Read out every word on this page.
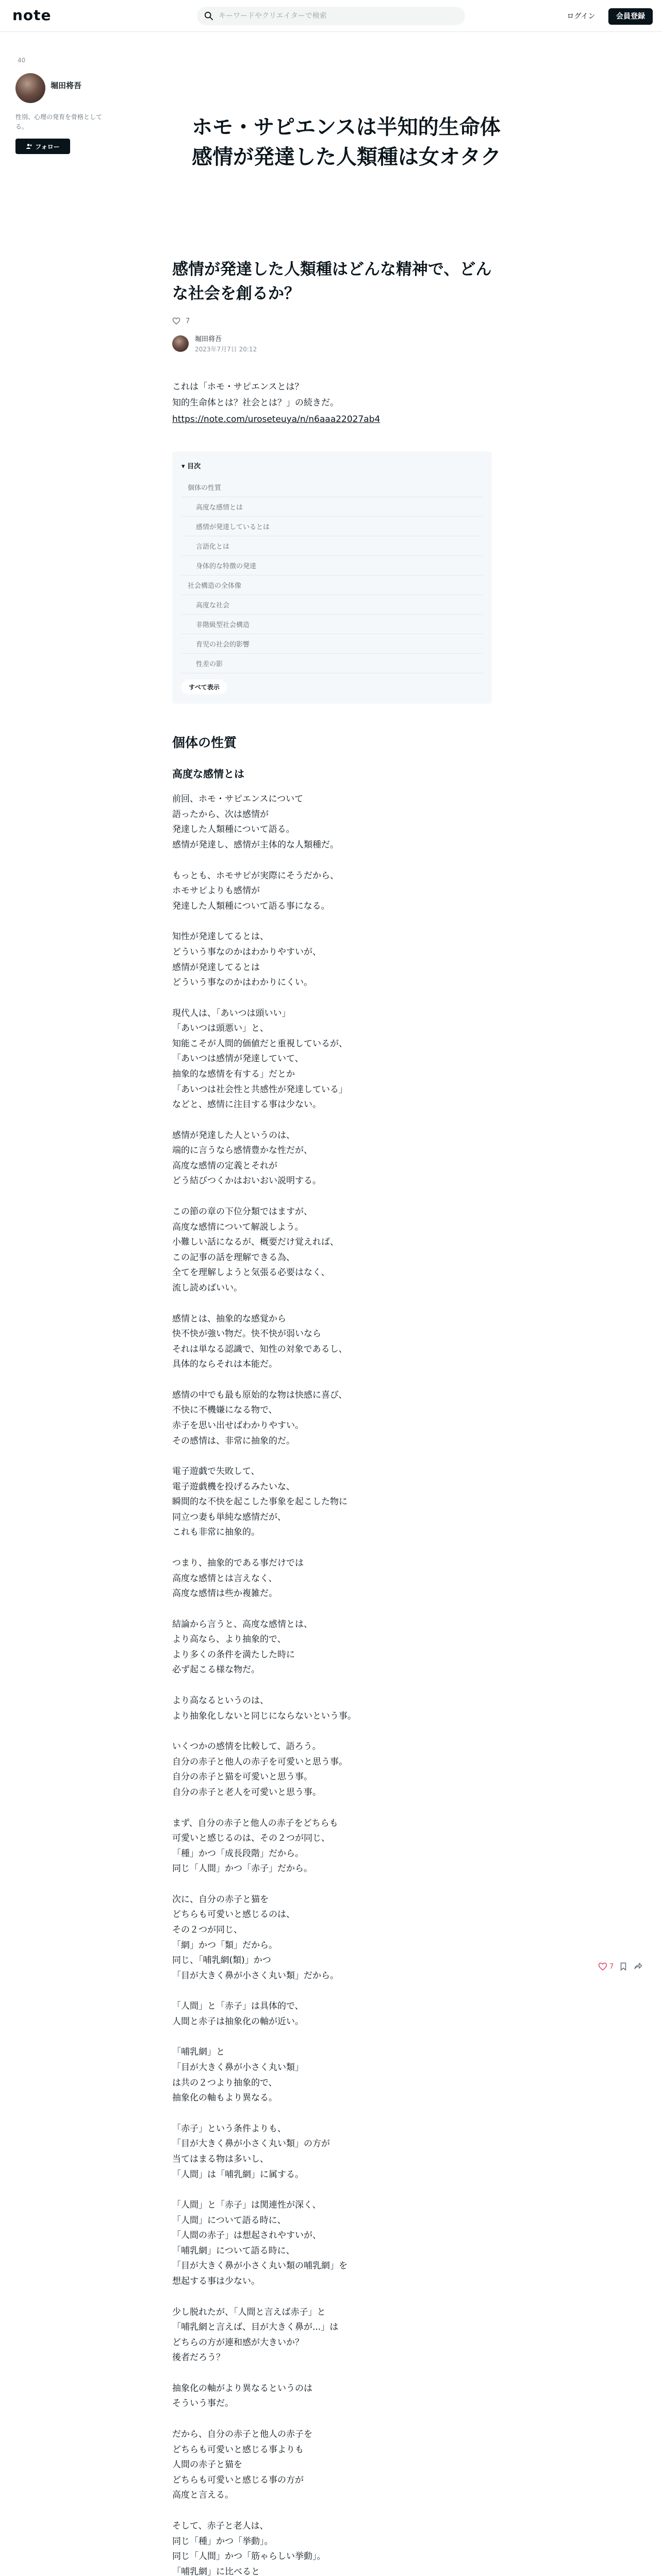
note
キーワードやクリエイターで検索	ログイン	会員登録
40
堀田将吾
性別、心理の発育を骨格として
る。
フォロー
ホモ・サピエンスは半知的生命体
感情が発達した人類種は女オタク
感情が発達した人類種はどんな精神で、どんな社会を創るか？
7
堀田将吾
2023年7月7日 20:12
これは「ホモ・サピエンスとは？
知的生命体とは？社会とは？」の続きだ。
https://note.com/uroseteuya/n/n6aaa22027ab4
▾ 目次
個体の性質
高度な感情とは
感情が発達しているとは
言語化とは
身体的な特徴の発達
社会構造の全体像
高度な社会
非階級型社会構造
育児の社会的影響
性差の影
すべて表示
個体の性質
高度な感情とは

前回、ホモ・サピエンスについて
語ったから、次は感情が
発達した人類種について語る。
感情が発達し、感情が主体的な人類種だ。

もっとも、ホモサピが実際にそうだから、
ホモサピよりも感情が
発達した人類種について語る事になる。

知性が発達してるとは、
どういう事なのかはわかりやすいが、
感情が発達してるとは
どういう事なのかはわかりにくい。

現代人は、「あいつは頭いい」
「あいつは頭悪い」と、
知能こそが人間的価値だと重視しているが、
「あいつは感情が発達していて、
抽象的な感情を有する」だとか
「あいつは社会性と共感性が発達している」
などと、感情に注目する事は少ない。

感情が発達した人というのは、
端的に言うなら感情豊かな性だが、
高度な感情の定義とそれが
どう結びつくかはおいおい説明する。

この節の章の下位分類ではますが、
高度な感情について解説しよう。
小難しい話になるが、概要だけ覚えれば、
この記事の話を理解できる為、
全てを理解しようと気張る必要はなく、
流し読めばいい。

感情とは、抽象的な感覚から
快不快が強い物だ。快不快が弱いなら
それは単なる認識で、知性の対象であるし、
具体的ならそれは本能だ。

感情の中でも最も原始的な物は快感に喜び、
不快に不機嫌になる物で、
赤子を思い出せばわかりやすい。
その感情は、非常に抽象的だ。

電子遊戯で失敗して、
電子遊戯機を投げるみたいな、
瞬間的な不快を起こした事象を起こした物に
同立つ妻も単純な感情だが、
これも非常に抽象的。

つまり、抽象的である事だけでは
高度な感情とは言えなく、
高度な感情は些か複雑だ。

結論から言うと、高度な感情とは、
より高なら、より抽象的で、
より多くの条件を満たした時に
必ず起こる様な物だ。

より高なるというのは、
より抽象化しないと同じにならないという事。

いくつかの感情を比較して、語ろう。
自分の赤子と他人の赤子を可愛いと思う事。
自分の赤子と猫を可愛いと思う事。
自分の赤子と老人を可愛いと思う事。

まず、自分の赤子と他人の赤子をどちらも
可愛いと感じるのは、その２つが同じ、
「種」かつ「成長段階」だから。
同じ「人間」かつ「赤子」だから。

次に、自分の赤子と猫を
どちらも可愛いと感じるのは、
その２つが同じ、
「網」かつ「類」だから。
同じ、「哺乳網(類)」かつ
「目が大きく鼻が小さく丸い類」だから。

「人間」と「赤子」は具体的で、
人間と赤子は抽象化の軸が近い。

「哺乳網」と
「目が大きく鼻が小さく丸い類」
は共の２つより抽象的で、
抽象化の軸もより異なる。

「赤子」という条件よりも、
「目が大きく鼻が小さく丸い類」の方が
当てはまる物は多いし、
「人間」は「哺乳網」に属する。

「人間」と「赤子」は関連性が深く、
「人間」について語る時に、
「人間の赤子」は想起されやすいが、
「哺乳網」について語る時に、
「目が大きく鼻が小さく丸い類の哺乳網」を
想起する事は少ない。

少し脱れたが、「人間と言えば赤子」と
「哺乳網と言えば、目が大きく鼻が...」は
どちらの方が連和感が大きいか？
後者だろう？

抽象化の軸がより異なるというのは
そういう事だ。

だから、自分の赤子と他人の赤子を
どちらも可愛いと感じる事よりも
人間の赤子と猫を
どちらも可愛いと感じる事の方が
高度と言える。

そして、赤子と老人は、
同じ「種」かつ「挙動」。
同じ「人間」かつ「筋ゃらしい挙動」。
「哺乳網」に比べると

7
